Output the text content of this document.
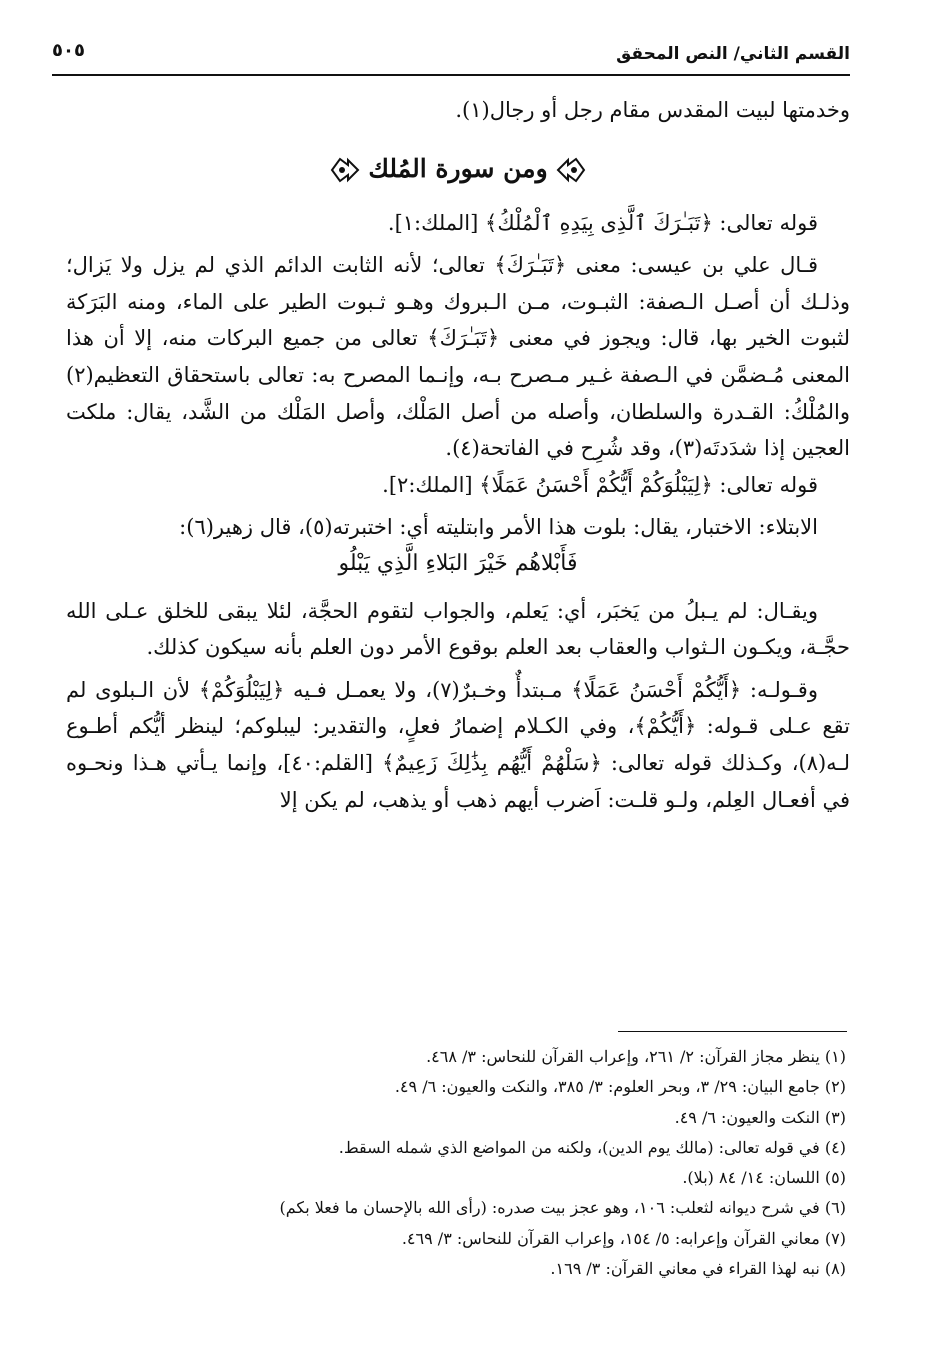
القسم الثاني/ النص المحقق
٥٠٥

وخدمتها لبيت المقدس مقام رجل أو رجال(١).

ومن سورة المُلك

قوله تعالى: ﴿تَبَـٰرَكَ ٱلَّذِى بِيَدِهِ ٱلْمُلْكُ﴾ [الملك:١].

قـال علي بن عيسى: معنى ﴿تَبَـٰرَكَ﴾ تعالى؛ لأنه الثابت الدائم الذي لم يزل ولا يَزال؛ وذلـك أن أصـل الـصفة: الثبـوت، مـن الـبروك وهـو ثـبوت الطير على الماء، ومنه البَرَكة لثبوت الخير بها، قال: ويجوز في معنى ﴿تَبَـٰرَكَ﴾ تعالى من جميع البركات منه، إلا أن هذا المعنى مُـضمَّن في الـصفة غـير مـصرح بـه، وإنـما المصرح به: تعالى باستحقاق التعظيم(٢) والمُلْكُ: القـدرة والسلطان، وأصله من أصل المَلْك، وأصل المَلْك من الشَّد، يقال: ملكت العجين إذا شدَدتَه(٣)، وقد شُرِح في الفاتحة(٤).

قوله تعالى: ﴿لِيَبْلُوَكُمْ أَيُّكُمْ أَحْسَنُ عَمَلًا﴾ [الملك:٢].

الابتلاء: الاختبار، يقال: بلوت هذا الأمر وابتليته أي: اختبرته(٥)، قال زهير(٦):

فَأَبْلاهُم خَيْرَ البَلاءِ الَّذِي يَبْلُو

ويقـال: لم يـبلُ من يَخبَر، أي: يَعلم، والجواب لتقوم الحجَّة، لئلا يبقى للخلق عـلى الله حجَّـة، ويكـون الـثواب والعقاب بعد العلم بوقوع الأمر دون العلم بأنه سيكون كذلك.

وقـولـه: ﴿أَيُّكُمْ أَحْسَنُ عَمَلًا﴾ مـبتدأٌ وخـبرٌ(٧)، ولا يعمـل فـيه ﴿لِيَبْلُوَكُمْ﴾ لأن الـبلوى لم تقع عـلى قـوله: ﴿أَيُّكُمْ﴾، وفي الكـلام إضمارُ فعلٍ، والتقدير: ليبلوكم؛ لينظر أيُّكم أطـوع لـه(٨)، وكـذلك قوله تعالى: ﴿سَلْهُمْ أَيُّهُم بِذَٰلِكَ زَعِيمٌ﴾ [القلم:٤٠]، وإنما يـأتي هـذا ونحـوه في أفعـال العِلم، ولـو قلـت: اَضرب أيهم ذهب أو يذهب، لم يكن إلا

(١) ينظر مجاز القرآن: ٢/ ٢٦١، وإعراب القرآن للنحاس: ٣/ ٤٦٨.
(٢) جامع البيان: ٢٩/ ٣، وبحر العلوم: ٣/ ٣٨٥، والنكت والعيون: ٦/ ٤٩.
(٣) النكت والعيون: ٦/ ٤٩.
(٤) في قوله تعالى: (مالك يوم الدين)، ولكنه من المواضع الذي شمله السقط.
(٥) اللسان: ١٤/ ٨٤ (بلا).
(٦) في شرح ديوانه لثعلب: ١٠٦، وهو عجز بيت صدره: (رأى الله بالإحسان ما فعلا بكم)
(٧) معاني القرآن وإعرابه: ٥/ ١٥٤، وإعراب القرآن للنحاس: ٣/ ٤٦٩.
(٨) نبه لهذا القراء في معاني القرآن: ٣/ ١٦٩.
